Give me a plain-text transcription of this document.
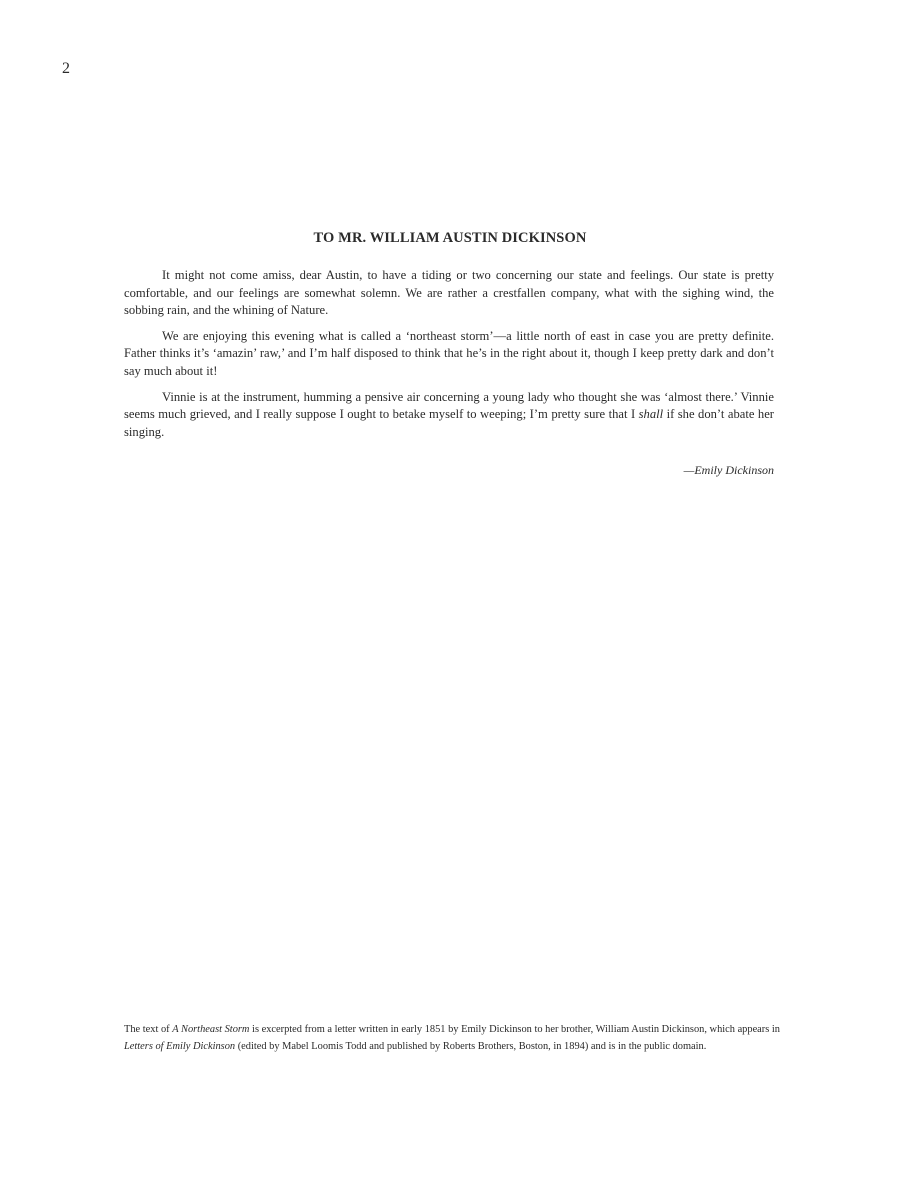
2
TO MR. WILLIAM AUSTIN DICKINSON

It might not come amiss, dear Austin, to have a tiding or two concerning our state and feelings. Our state is pretty comfortable, and our feelings are somewhat solemn. We are rather a crestfallen company, what with the sighing wind, the sobbing rain, and the whining of Nature.

We are enjoying this evening what is called a ‘northeast storm’—a little north of east in case you are pretty definite. Father thinks it’s ‘amazin’ raw,’ and I’m half disposed to think that he’s in the right about it, though I keep pretty dark and don’t say much about it!

Vinnie is at the instrument, humming a pensive air concerning a young lady who thought she was ‘almost there.’ Vinnie seems much grieved, and I really suppose I ought to betake myself to weeping; I’m pretty sure that I shall if she don’t abate her singing.

—Emily Dickinson
The text of A Northeast Storm is excerpted from a letter written in early 1851 by Emily Dickinson to her brother, William Austin Dickinson, which appears in Letters of Emily Dickinson (edited by Mabel Loomis Todd and published by Roberts Brothers, Boston, in 1894) and is in the public domain.
